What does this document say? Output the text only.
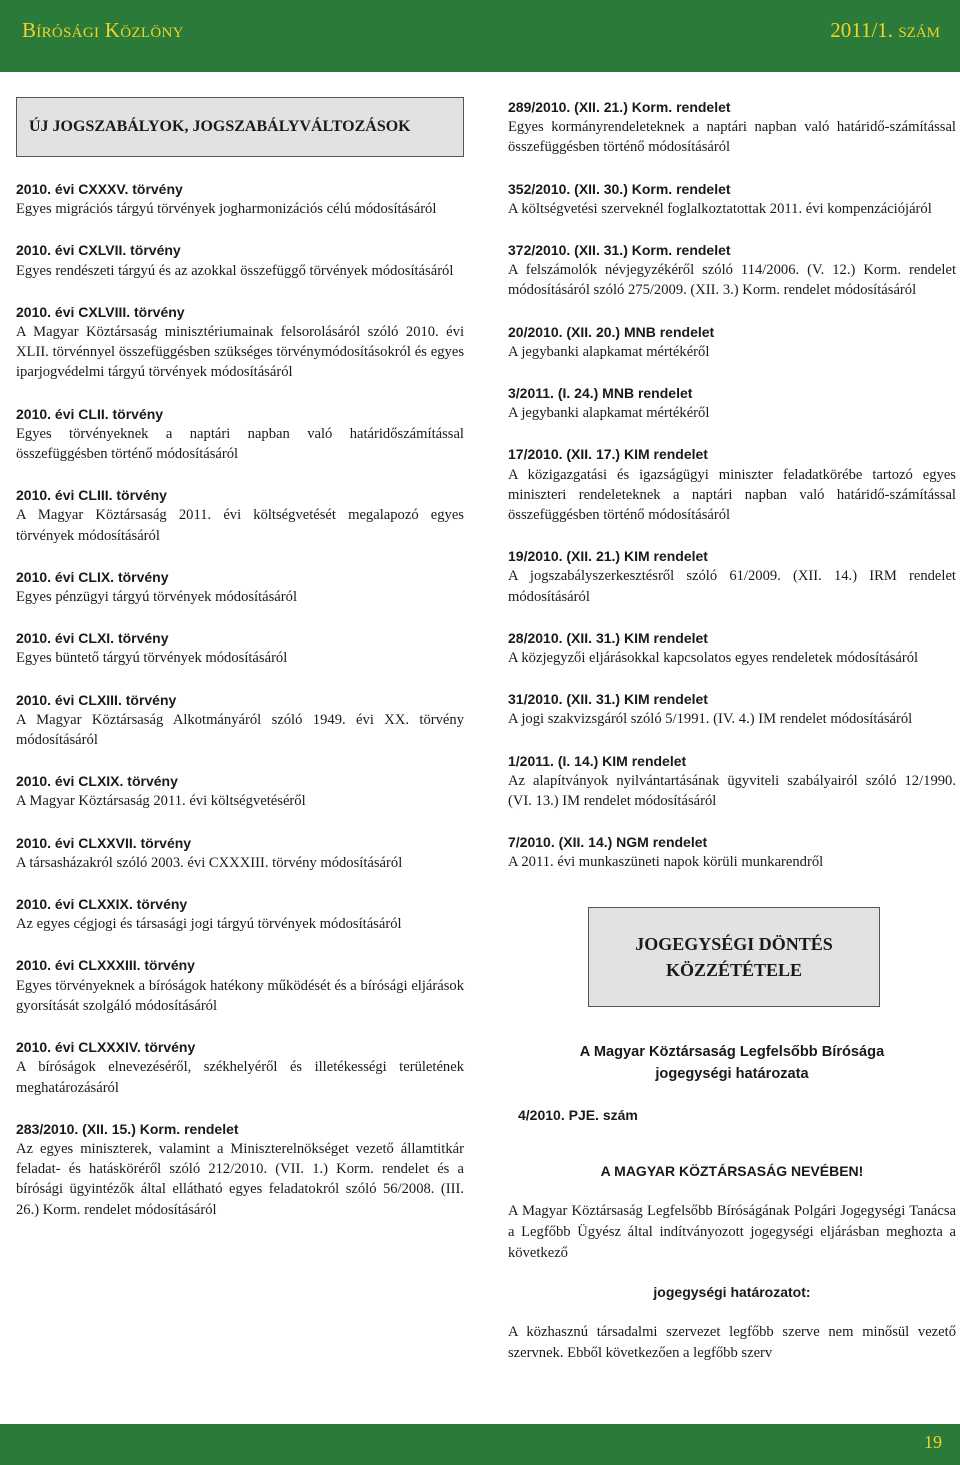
Bírósági Közlöny	2011/1. szám
ÚJ JOGSZABÁLYOK, JOGSZABÁLYVÁLTOZÁSOK
2010. évi CXXXV. törvény
Egyes migrációs tárgyú törvények jogharmonizációs célú módosításáról
2010. évi CXLVII. törvény
Egyes rendészeti tárgyú és az azokkal összefüggő törvények módosításáról
2010. évi CXLVIII. törvény
A Magyar Köztársaság minisztériumainak felsorolásáról szóló 2010. évi XLII. törvénnyel összefüggésben szükséges törvénymódosításokról és egyes iparjogvédelmi tárgyú törvények módosításáról
2010. évi CLII. törvény
Egyes törvényeknek a naptári napban való határidőszámítással összefüggésben történő módosításáról
2010. évi CLIII. törvény
A Magyar Köztársaság 2011. évi költségvetését megalapozó egyes törvények módosításáról
2010. évi CLIX. törvény
Egyes pénzügyi tárgyú törvények módosításáról
2010. évi CLXI. törvény
Egyes büntető tárgyú törvények módosításáról
2010. évi CLXIII. törvény
A Magyar Köztársaság Alkotmányáról szóló 1949. évi XX. törvény módosításáról
2010. évi CLXIX. törvény
A Magyar Köztársaság 2011. évi költségvetéséről
2010. évi CLXXVII. törvény
A társasházakról szóló 2003. évi CXXXIII. törvény módosításáról
2010. évi CLXXIX. törvény
Az egyes cégjogi és társasági jogi tárgyú törvények módosításáról
2010. évi CLXXXIII. törvény
Egyes törvényeknek a bíróságok hatékony működését és a bírósági eljárások gyorsítását szolgáló módosításáról
2010. évi CLXXXIV. törvény
A bíróságok elnevezéséről, székhelyéről és illetékességi területének meghatározásáról
283/2010. (XII. 15.) Korm. rendelet
Az egyes miniszterek, valamint a Miniszterelnökséget vezető államtitkár feladat- és hatásköréről szóló 212/2010. (VII. 1.) Korm. rendelet és a bírósági ügyintézők által ellátható egyes feladatokról szóló 56/2008. (III. 26.) Korm. rendelet módosításáról
289/2010. (XII. 21.) Korm. rendelet
Egyes kormányrendeleteknek a naptári napban való határidő-számítással összefüggésben történő módosításáról
352/2010. (XII. 30.) Korm. rendelet
A költségvetési szerveknél foglalkoztatottak 2011. évi kompenzációjáról
372/2010. (XII. 31.) Korm. rendelet
A felszámolók névjegyzékéről szóló 114/2006. (V. 12.) Korm. rendelet módosításáról szóló 275/2009. (XII. 3.) Korm. rendelet módosításáról
20/2010. (XII. 20.) MNB rendelet
A jegybanki alapkamat mértékéről
3/2011. (I. 24.) MNB rendelet
A jegybanki alapkamat mértékéről
17/2010. (XII. 17.) KIM rendelet
A közigazgatási és igazságügyi miniszter feladatkörébe tartozó egyes miniszteri rendeleteknek a naptári napban való határidő-számítással összefüggésben történő módosításáról
19/2010. (XII. 21.) KIM rendelet
A jogszabályszerkesztésről szóló 61/2009. (XII. 14.) IRM rendelet módosításáról
28/2010. (XII. 31.) KIM rendelet
A közjegyzői eljárásokkal kapcsolatos egyes rendeletek módosításáról
31/2010. (XII. 31.) KIM rendelet
A jogi szakvizsgáról szóló 5/1991. (IV. 4.) IM rendelet módosításáról
1/2011. (I. 14.) KIM rendelet
Az alapítványok nyilvántartásának ügyviteli szabályairól szóló 12/1990. (VI. 13.) IM rendelet módosításáról
7/2010. (XII. 14.) NGM rendelet
A 2011. évi munkaszüneti napok körüli munkarendről
JOGEGYSÉGI DÖNTÉS
KÖZZÉTÉTELE
A Magyar Köztársaság Legfelsőbb Bírósága
jogegységi határozata
4/2010. PJE. szám
A MAGYAR KÖZTÁRSASÁG NEVÉBEN!
A Magyar Köztársaság Legfelsőbb Bíróságának Polgári Jogegységi Tanácsa a Legfőbb Ügyész által indítványozott jogegységi eljárásban meghozta a következő
jogegységi határozatot:
A közhasznú társadalmi szervezet legfőbb szerve nem minősül vezető szervnek. Ebből következően a legfőbb szerv
19
